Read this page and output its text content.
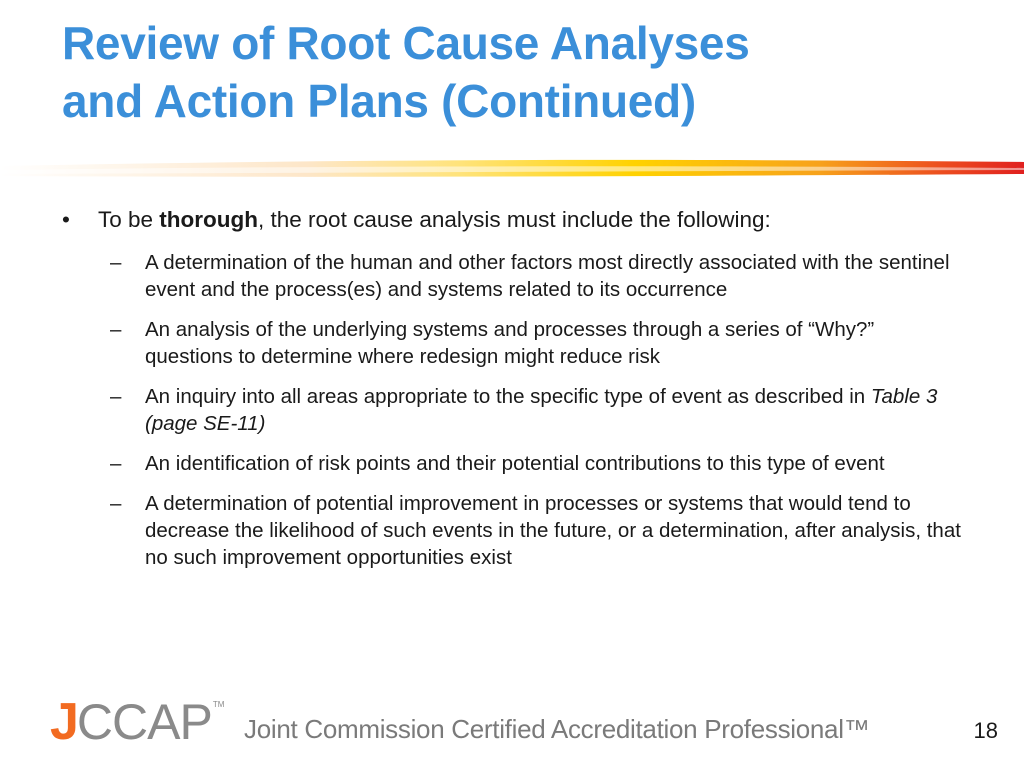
Review of Root Cause Analyses
and Action Plans (Continued)
• To be thorough, the root cause analysis must include the following:
– A determination of the human and other factors most directly associated with the sentinel event and the process(es) and systems related to its occurrence
– An analysis of the underlying systems and processes through a series of “Why?” questions to determine where redesign might reduce risk
– An inquiry into all areas appropriate to the specific type of event as described in Table 3 (page SE-11)
– An identification of risk points and their potential contributions to this type of event
– A determination of potential improvement in processes or systems that would tend to decrease the likelihood of such events in the future, or a determination, after analysis, that no such improvement opportunities exist
J CCAP TM
Joint Commission Certified Accreditation Professional™	18
